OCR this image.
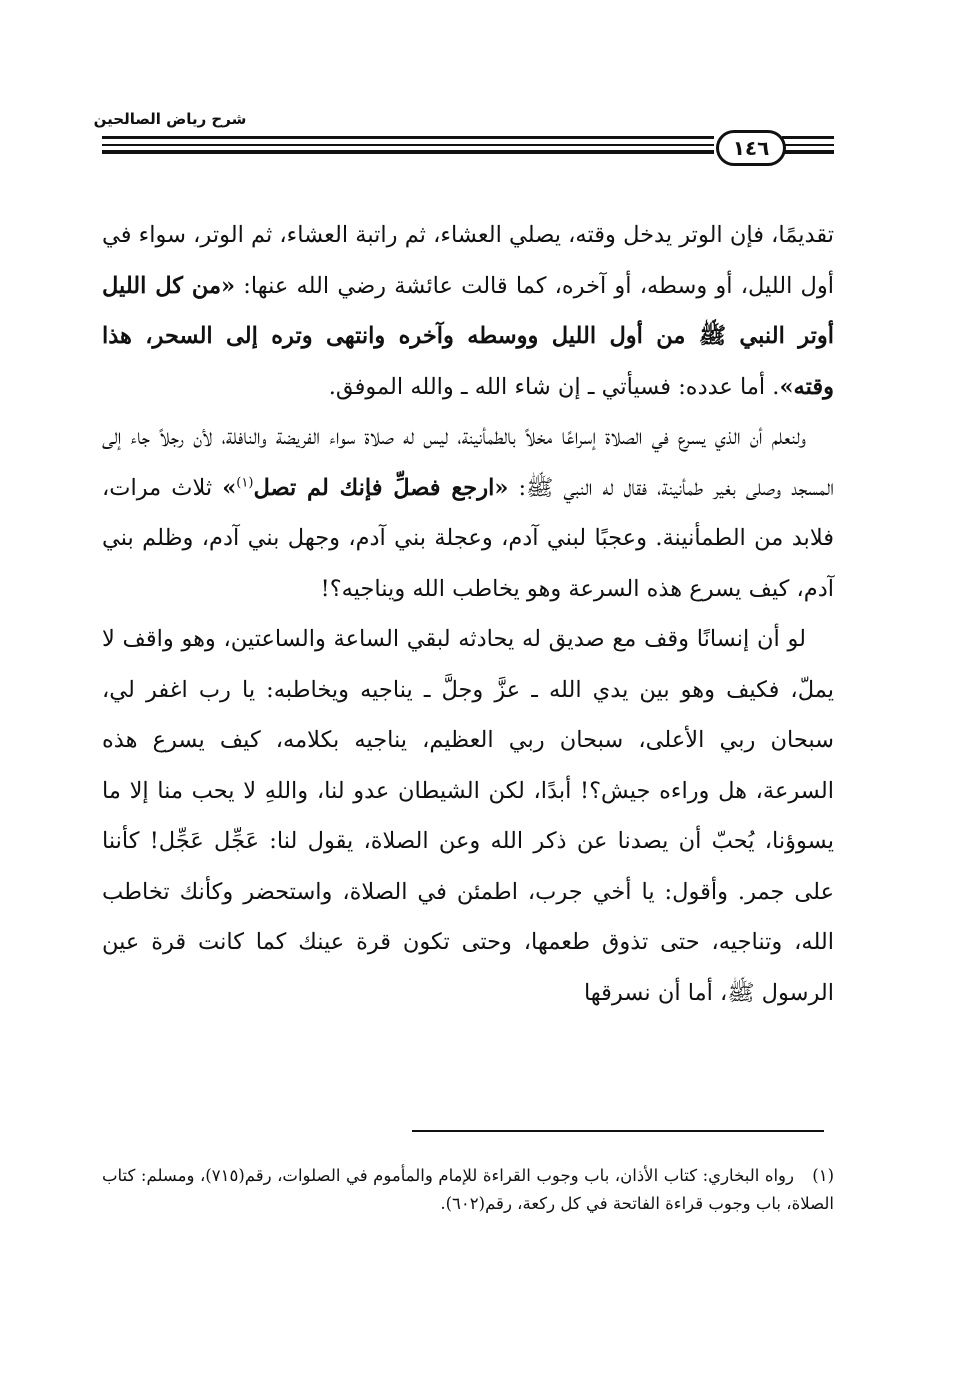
شرح رياض الصالحين
١٤٦

تقديمًا، فإن الوتر يدخل وقته، يصلي العشاء، ثم راتبة العشاء، ثم الوتر، سواء في أول الليل، أو وسطه، أو آخره، كما قالت عائشة رضي الله عنها: «من كل الليل أوتر النبي ﷺ من أول الليل ووسطه وآخره وانتهى وتره إلى السحر، هذا وقته». أما عدده: فسيأتي ـ إن شاء الله ـ والله الموفق.

ولنعلم أن الذي يسرع في الصلاة إسراعًا مخلاً بالطمأنينة، ليس له صلاة سواء الفريضة والنافلة، لأن رجلاً جاء إلى المسجد وصلى بغير طمأنينة، فقال له النبي ﷺ: «ارجع فصلِّ فإنك لم تصل$^{(١)}$» ثلاث مرات، فلابد من الطمأنينة. وعجبًا لبني آدم، وعجلة بني آدم، وجهل بني آدم، وظلم بني آدم، كيف يسرع هذه السرعة وهو يخاطب الله ويناجيه؟!

لو أن إنسانًا وقف مع صديق له يحادثه لبقي الساعة والساعتين، وهو واقف لا يملّ، فكيف وهو بين يدي الله ـ عزَّ وجلَّ ـ يناجيه ويخاطبه: يا رب اغفر لي، سبحان ربي الأعلى، سبحان ربي العظيم، يناجيه بكلامه، كيف يسرع هذه السرعة، هل وراءه جيش؟! أبدًا، لكن الشيطان عدو لنا، واللهِ لا يحب منا إلا ما يسوؤنا، يُحبّ أن يصدنا عن ذكر الله وعن الصلاة، يقول لنا: عَجِّل عَجِّل! كأننا على جمر. وأقول: يا أخي جرب، اطمئن في الصلاة، واستحضر وكأنك تخاطب الله، وتناجيه، حتى تذوق طعمها، وحتى تكون قرة عينك كما كانت قرة عين الرسول ﷺ، أما أن نسرقها

(١)رواه البخاري: كتاب الأذان، باب وجوب القراءة للإمام والمأموم في الصلوات، رقم(٧١٥)، ومسلم: كتاب الصلاة، باب وجوب قراءة الفاتحة في كل ركعة، رقم(٦٠٢).
